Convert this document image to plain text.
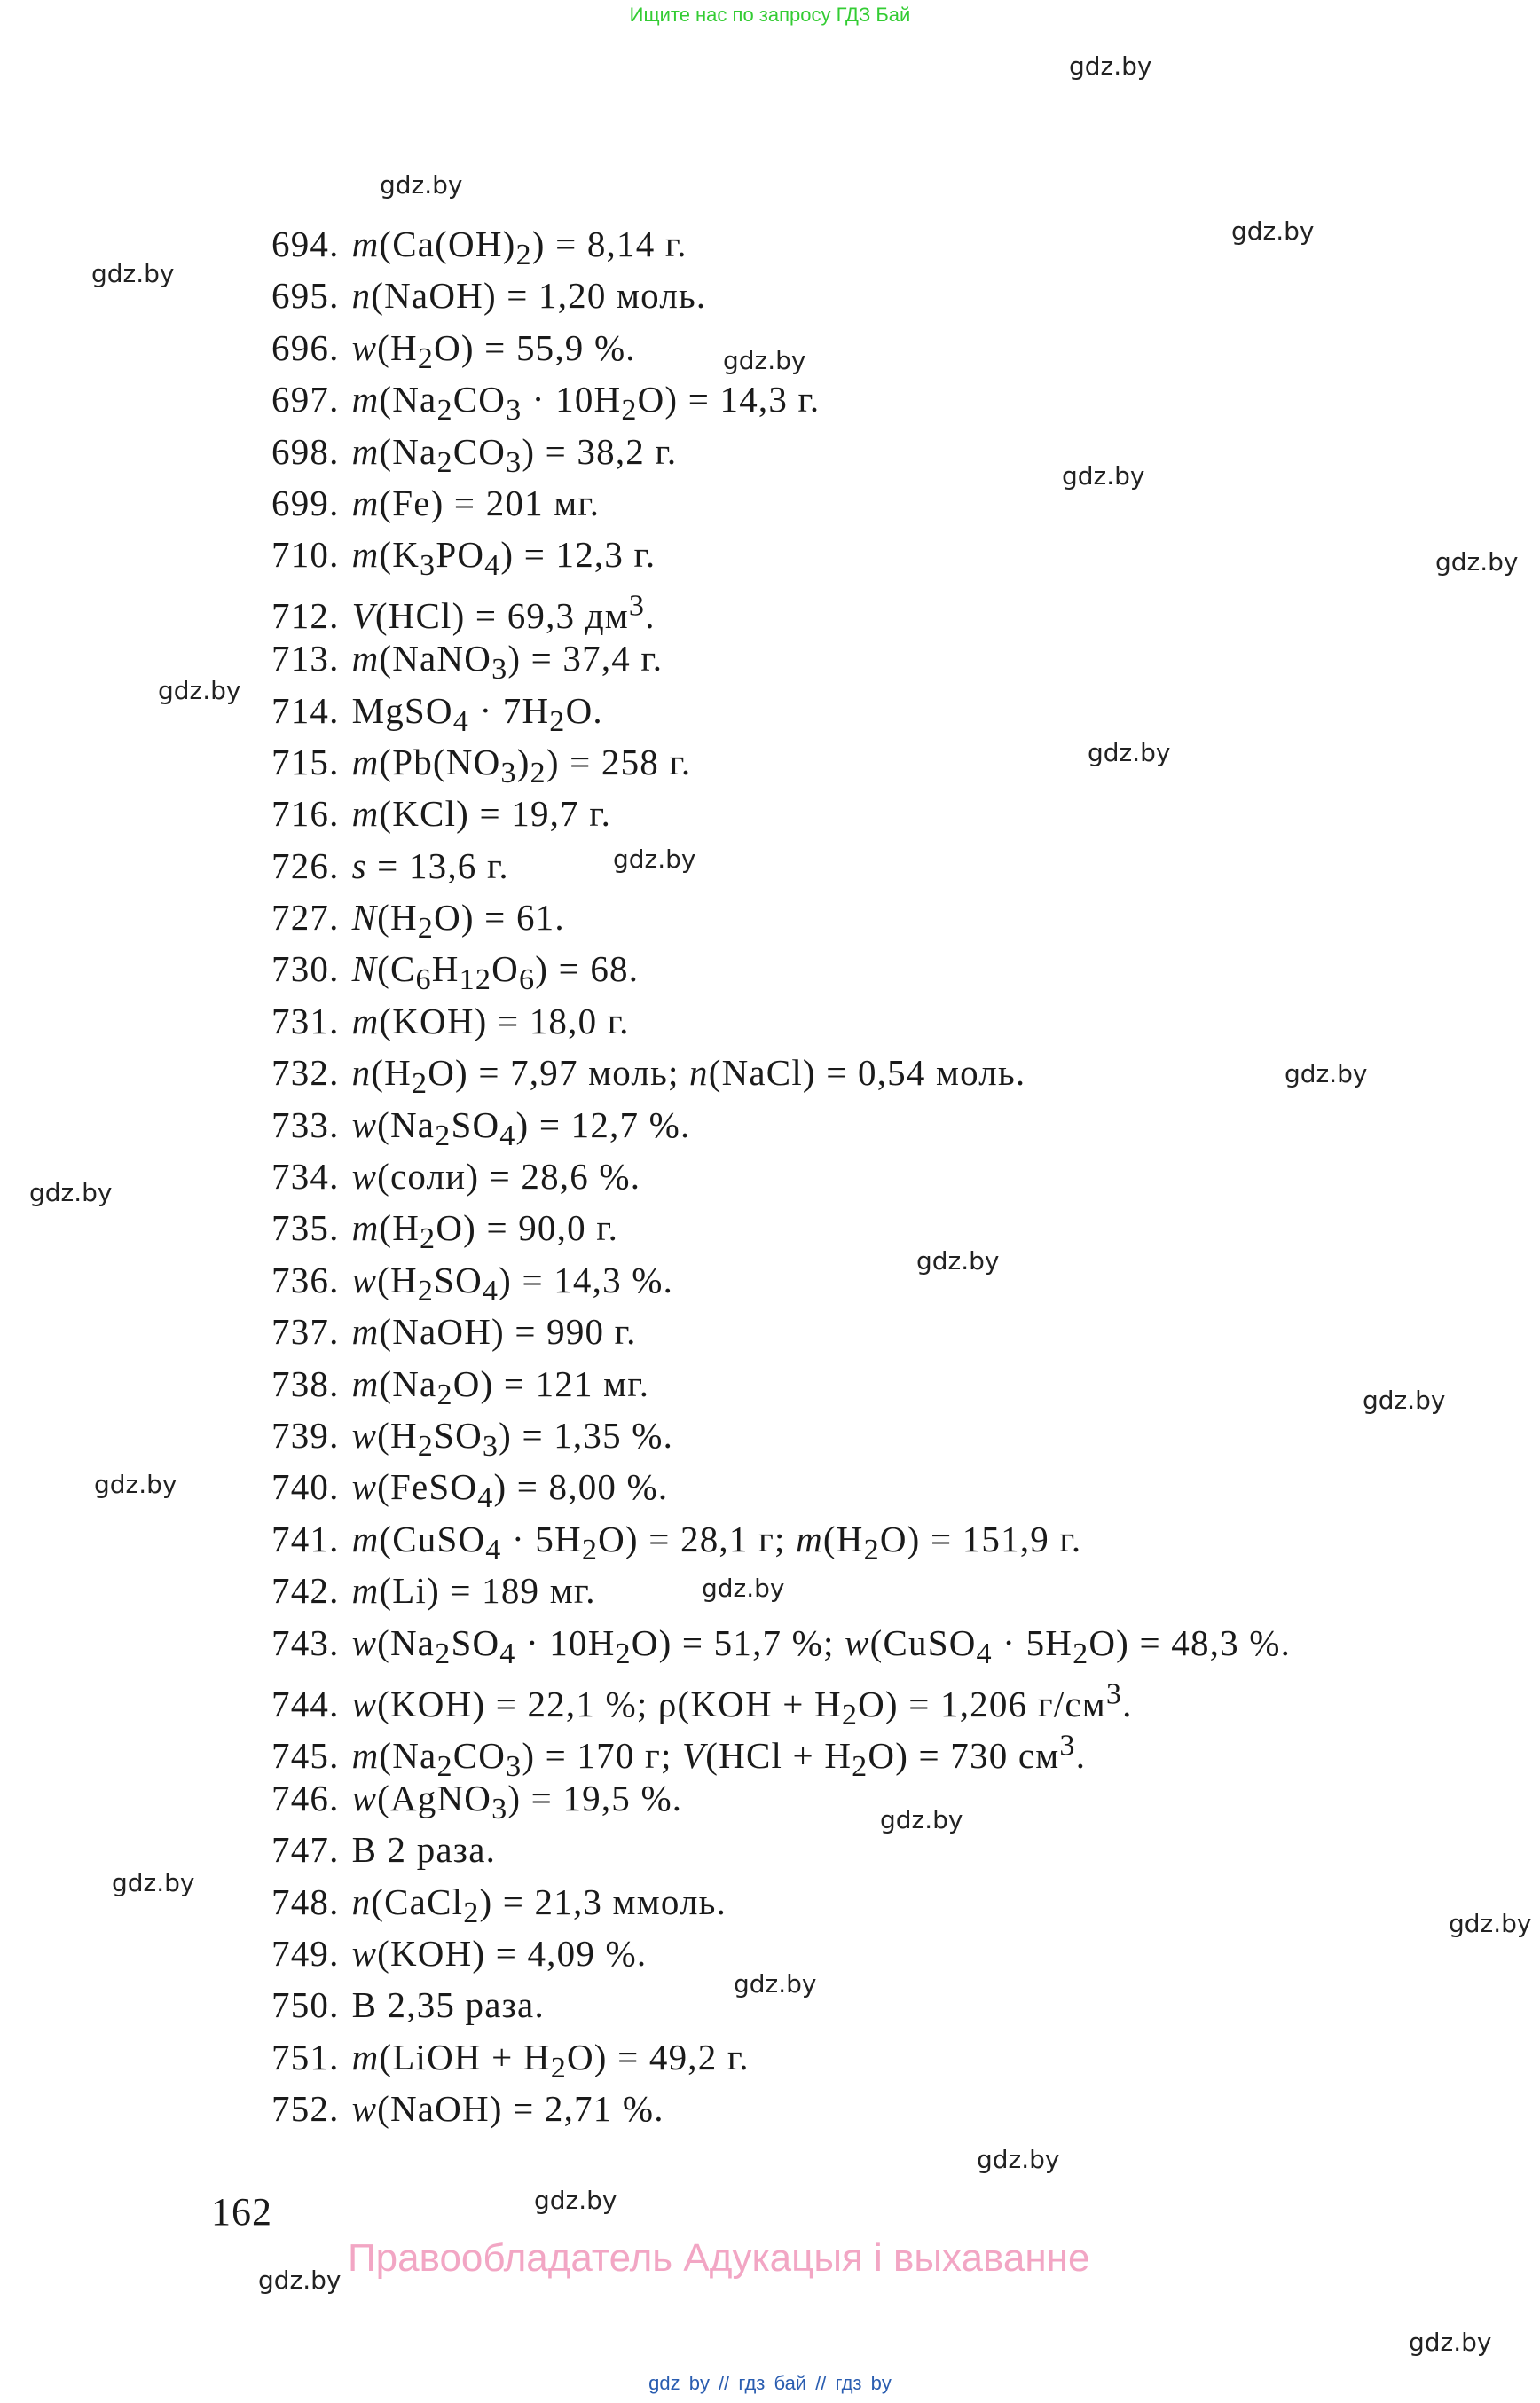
Ищите нас по запросу ГДЗ Бай
gdz.by
gdz.by
gdz.by
gdz.by
gdz.by
gdz.by
gdz.by
gdz.by
gdz.by
gdz.by
gdz.by
gdz.by
gdz.by
gdz.by
gdz.by
gdz.by
gdz.by
gdz.by
gdz.by
gdz.by
gdz.by
gdz.by
gdz.by
gdz.by
694. $m(Ca(OH)_2) = 8,14$ г.
695. n(NaOH) = 1,20 моль.
696. $w(H_2O) = 55,9$ %.
697. $m(Na_2CO_3 \cdot 10H_2O) = 14,3$ г.
698. $m(Na_2CO_3) = 38,2$ г.
699. m(Fe) = 201 мг.
710. $m(K_3PO_4) = 12,3$ г.
712. V(HCl) = 69,3 $дм^3$.
713. m(NaNO$_3$) = 37,4 г.
714. MgSO$_4$ · $7H_2O$.
715. $m(Pb(NO_3)_2) = 258$ г.
716. m(KCl) = 19,7 г.
726. s = 13,6 г.
727. $N(H_2O) = 61$.
730. $N(C_6H_{12}O_6) = 68$.
731. m(KOH) = 18,0 г.
732. $n(H_2O) = 7,97$ моль; n(NaCl) = 0,54 моль.
733. $w(Na_2SO_4) = 12,7$ %.
734. w(соли) = 28,6 %.
735. $m(H_2O) = 90,0$ г.
736. $w(H_2SO_4) = 14,3$ %.
737. m(NaOH) = 990 г.
738. $m(Na_2O) = 121$ мг.
739. $w(H_2SO_3) = 1,35$ %.
740. w(FeSO$_4$) = 8,00 %.
741. m(CuSO$_4$ · $5H_2O) = 28,1$ г; $m(H_2O) = 151,9$ г.
742. m(Li) = 189 мг.
743. $w(Na_2SO_4 \cdot 10H_2O) = 51,7$ %; w(CuSO$_4$ · $5H_2O) = 48,3$ %.
744. w(KOH) = 22,1 %; $\rho(KOH + H_2O) = 1,206$ $г/см^3$.
745. $m(Na_2CO_3) = 170$ г; $V(HCl + H_2O) = 730$ $см^3$.
746. w(AgNO$_3$) = 19,5 %.
747. В 2 раза.
748. n(CaCl$_2$) = 21,3 ммоль.
749. w(KOH) = 4,09 %.
750. В 2,35 раза.
751. m(LiOH + $H_2O) = 49,2$ г.
752. w(NaOH) = 2,71 %.
162
Правообладатель Адукацыя і выхаванне
gdz by // гдз бай // гдз by
